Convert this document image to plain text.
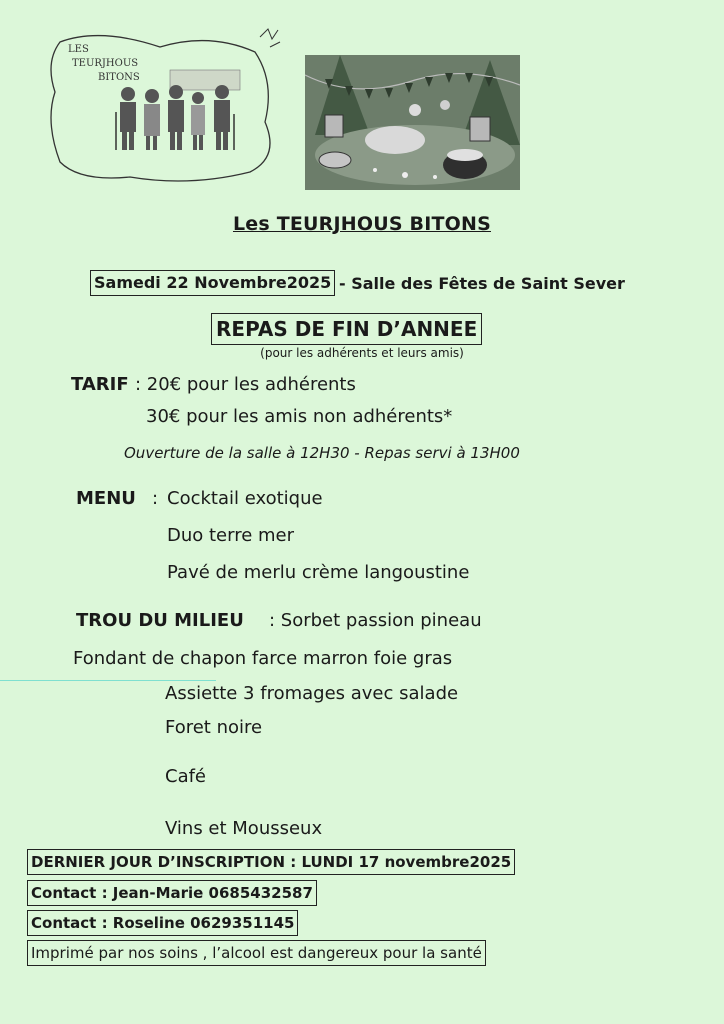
LES
TEURJHOUS
BITONS
Les TEURJHOUS BITONS
Samedi 22 Novembre2025 - Salle des Fêtes de Saint Sever
REPAS DE FIN D’ANNEE
(pour les adhérents et leurs amis)
TARIF : 20€ pour les adhérents
30€ pour les amis non adhérents*
Ouverture de la salle à 12H30 - Repas servi à 13H00
MENU : Cocktail exotique
Duo terre mer
Pavé de merlu crème langoustine
TROU DU MILIEU : Sorbet passion pineau
Fondant de chapon farce marron foie gras
Assiette 3 fromages avec salade
Foret noire
Café
Vins et Mousseux
DERNIER JOUR D’INSCRIPTION : LUNDI 17 novembre2025
Contact : Jean-Marie 0685432587
Contact : Roseline 0629351145
Imprimé par nos soins , l’alcool est dangereux pour la santé
